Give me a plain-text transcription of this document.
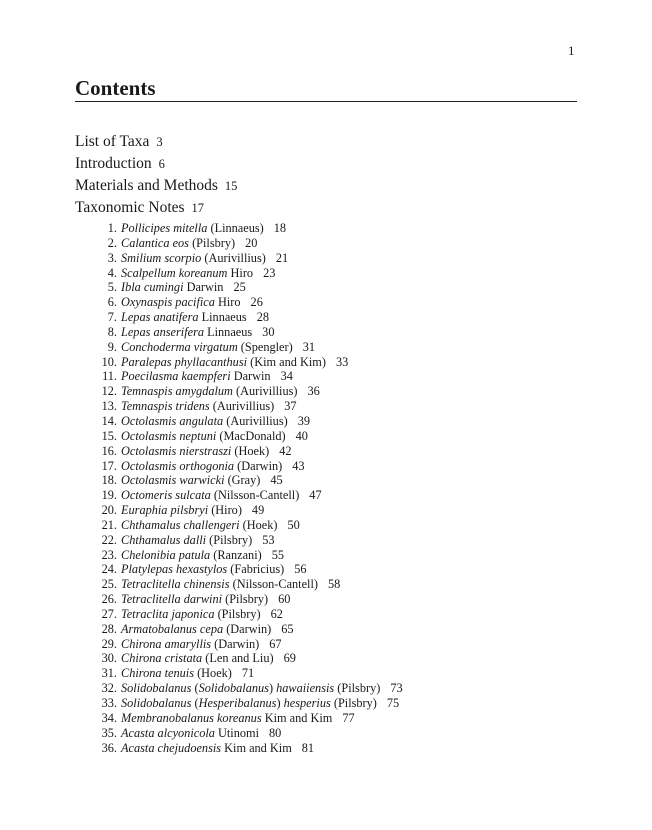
1
Contents
List of Taxa 3
Introduction 6
Materials and Methods 15
Taxonomic Notes 17
1. Pollicipes mitella (Linnaeus) 18
2. Calantica eos (Pilsbry) 20
3. Smilium scorpio (Aurivillius) 21
4. Scalpellum koreanum Hiro 23
5. Ibla cumingi Darwin 25
6. Oxynaspis pacifica Hiro 26
7. Lepas anatifera Linnaeus 28
8. Lepas anserifera Linnaeus 30
9. Conchoderma virgatum (Spengler) 31
10. Paralepas phyllacanthusi (Kim and Kim) 33
11. Poecilasma kaempferi Darwin 34
12. Temnaspis amygdalum (Aurivillius) 36
13. Temnaspis tridens (Aurivillius) 37
14. Octolasmis angulata (Aurivillius) 39
15. Octolasmis neptuni (MacDonald) 40
16. Octolasmis nierstraszi (Hoek) 42
17. Octolasmis orthogonia (Darwin) 43
18. Octolasmis warwicki (Gray) 45
19. Octomeris sulcata (Nilsson-Cantell) 47
20. Euraphia pilsbryi (Hiro) 49
21. Chthamalus challengeri (Hoek) 50
22. Chthamalus dalli (Pilsbry) 53
23. Chelonibia patula (Ranzani) 55
24. Platylepas hexastylos (Fabricius) 56
25. Tetraclitella chinensis (Nilsson-Cantell) 58
26. Tetraclitella darwini (Pilsbry) 60
27. Tetraclita japonica (Pilsbry) 62
28. Armatobalanus cepa (Darwin) 65
29. Chirona amaryllis (Darwin) 67
30. Chirona cristata (Len and Liu) 69
31. Chirona tenuis (Hoek) 71
32. Solidobalanus (Solidobalanus) hawaiiensis (Pilsbry) 73
33. Solidobalanus (Hesperibalanus) hesperius (Pilsbry) 75
34. Membranobalanus koreanus Kim and Kim 77
35. Acasta alcyonicola Utinomi 80
36. Acasta chejudoensis Kim and Kim 81
